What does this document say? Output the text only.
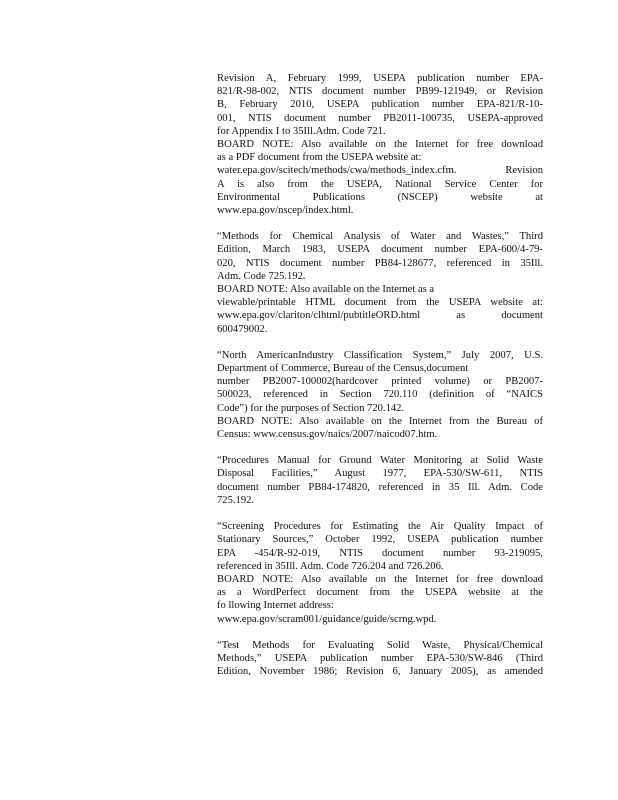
Revision A, February 1999, USEPA publication number EPA-
821/R-98-002, NTIS document number PB99-121949, or Revision
B, February 2010, USEPA publication number EPA-821/R-10-
001, NTIS document number PB2011-100735, USEPA-approved
for Appendix I to 35Ill.Adm. Code 721.
BOARD NOTE: Also available on the Internet for free download
as a PDF document from the USEPA website at:
water.epa.gov/scitech/methods/cwa/methods_index.cfm. Revision
A is also from the USEPA, National Service Center for
Environmental Publications (NSCEP) website at
www.epa.gov/nscep/index.html.
“Methods for Chemical Analysis of Water and Wastes,” Third
Edition, March 1983, USEPA document number EPA-600/4-79-
020, NTIS document number PB84-128677, referenced in 35Ill.
Adm. Code 725.192.
BOARD NOTE: Also available on the Internet as a
viewable/printable HTML document from the USEPA website at:
www.epa.gov/clariton/clhtml/pubtitleORD.html as document
600479002.
“North AmericanIndustry Classification System,” July 2007, U.S.
Department of Commerce, Bureau of the Census,document
number PB2007-100002(hardcover printed volume) or PB2007-
500023, referenced in Section 720.110 (definition of “NAICS
Code”) for the purposes of Section 720.142.
BOARD NOTE: Also available on the Internet from the Bureau of
Census: www.census.gov/naics/2007/naicod07.htm.
“Procedures Manual for Ground Water Monitoring at Solid Waste
Disposal Facilities,” August 1977, EPA-530/SW-611, NTIS
document number PB84-174820, referenced in 35 Ill. Adm. Code
725.192.
“Screening Procedures for Estimating the Air Quality Impact of
Stationary Sources,” October 1992, USEPA publication number
EPA -454/R-92-019, NTIS document number 93-219095,
referenced in 35Ill. Adm. Code 726.204 and 726.206.
BOARD NOTE: Also available on the Internet for free download
as a WordPerfect document from the USEPA website at the
fo llowing Internet address:
www.epa.gov/scram001/guidance/guide/scrng.wpd.
“Test Methods for Evaluating Solid Waste, Physical/Chemical
Methods,” USEPA publication number EPA-530/SW-846 (Third
Edition, November 1986; Revision 6, January 2005), as amended
